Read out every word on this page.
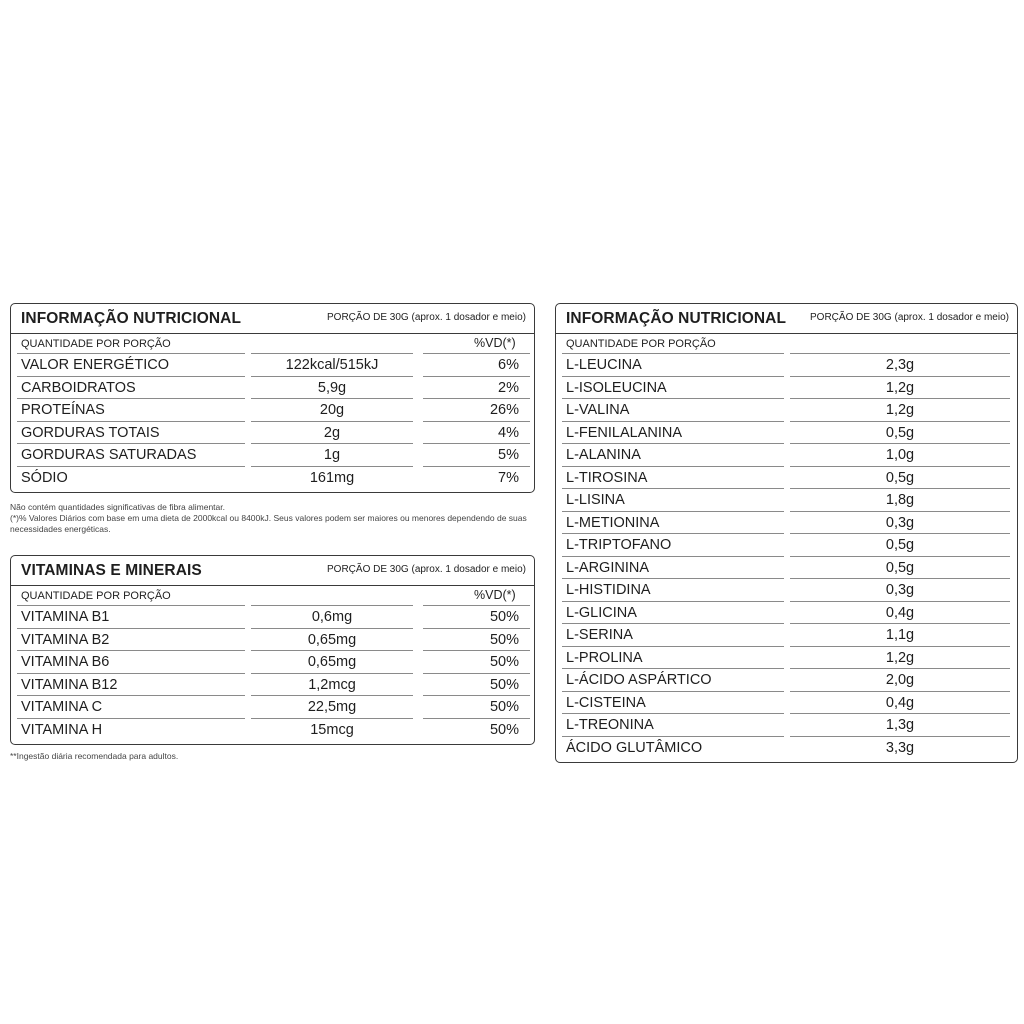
INFORMAÇÃO NUTRICIONAL	PORÇÃO DE 30G (aprox. 1 dosador e meio)
QUANTIDADE POR PORÇÃO	%VD(*)
VALOR ENERGÉTICO	122kcal/515kJ	6%
CARBOIDRATOS	5,9g	2%
PROTEÍNAS	20g	26%
GORDURAS TOTAIS	2g	4%
GORDURAS SATURADAS	1g	5%
SÓDIO	161mg	7%
Não contém quantidades significativas de fibra alimentar.
(*)% Valores Diários com base em uma dieta de 2000kcal ou 8400kJ. Seus valores podem ser maiores ou menores dependendo de suas
necessidades energéticas.
VITAMINAS E MINERAIS	PORÇÃO DE 30G (aprox. 1 dosador e meio)
QUANTIDADE POR PORÇÃO	%VD(*)
VITAMINA B1	0,6mg	50%
VITAMINA B2	0,65mg	50%
VITAMINA B6	0,65mg	50%
VITAMINA B12	1,2mcg	50%
VITAMINA C	22,5mg	50%
VITAMINA H	15mcg	50%
**Ingestão diária recomendada para adultos.
INFORMAÇÃO NUTRICIONAL PORÇÃO DE 30G (aprox. 1 dosador e meio)
QUANTIDADE POR PORÇÃO
L-LEUCINA	2,3g
L-ISOLEUCINA	1,2g
L-VALINA	1,2g
L-FENILALANINA	0,5g
L-ALANINA	1,0g
L-TIROSINA	0,5g
L-LISINA	1,8g
L-METIONINA	0,3g
L-TRIPTOFANO	0,5g
L-ARGININA	0,5g
L-HISTIDINA	0,3g
L-GLICINA	0,4g
L-SERINA	1,1g
L-PROLINA	1,2g
L-ÁCIDO ASPÁRTICO	2,0g
L-CISTEINA	0,4g
L-TREONINA	1,3g
ÁCIDO GLUTÂMICO	3,3g
